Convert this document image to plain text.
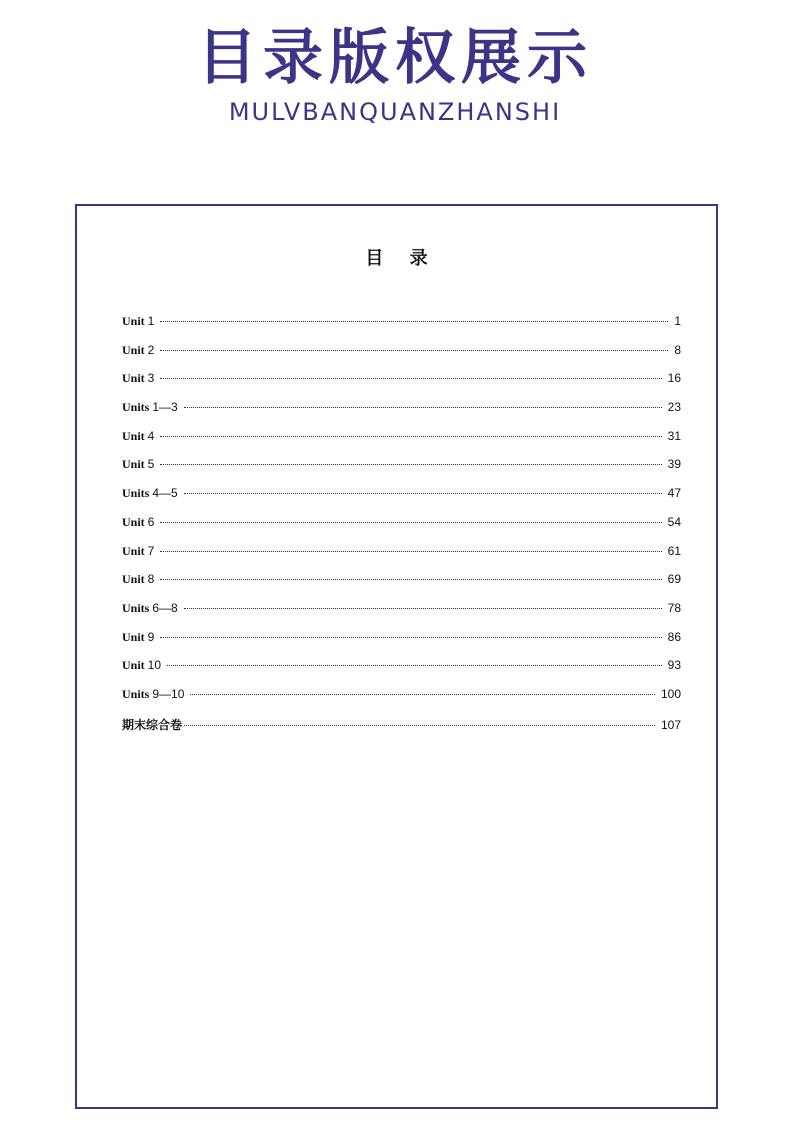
目录版权展示
MULVBANQUANZHANSHI
目 录
Unit 1	1
Unit 2	8
Unit 3	16
Units 1—3	23
Unit 4	31
Unit 5	39
Units 4—5	47
Unit 6	54
Unit 7	61
Unit 8	69
Units 6—8	78
Unit 9	86
Unit 10	93
Units 9—10	100
期末综合卷	107
